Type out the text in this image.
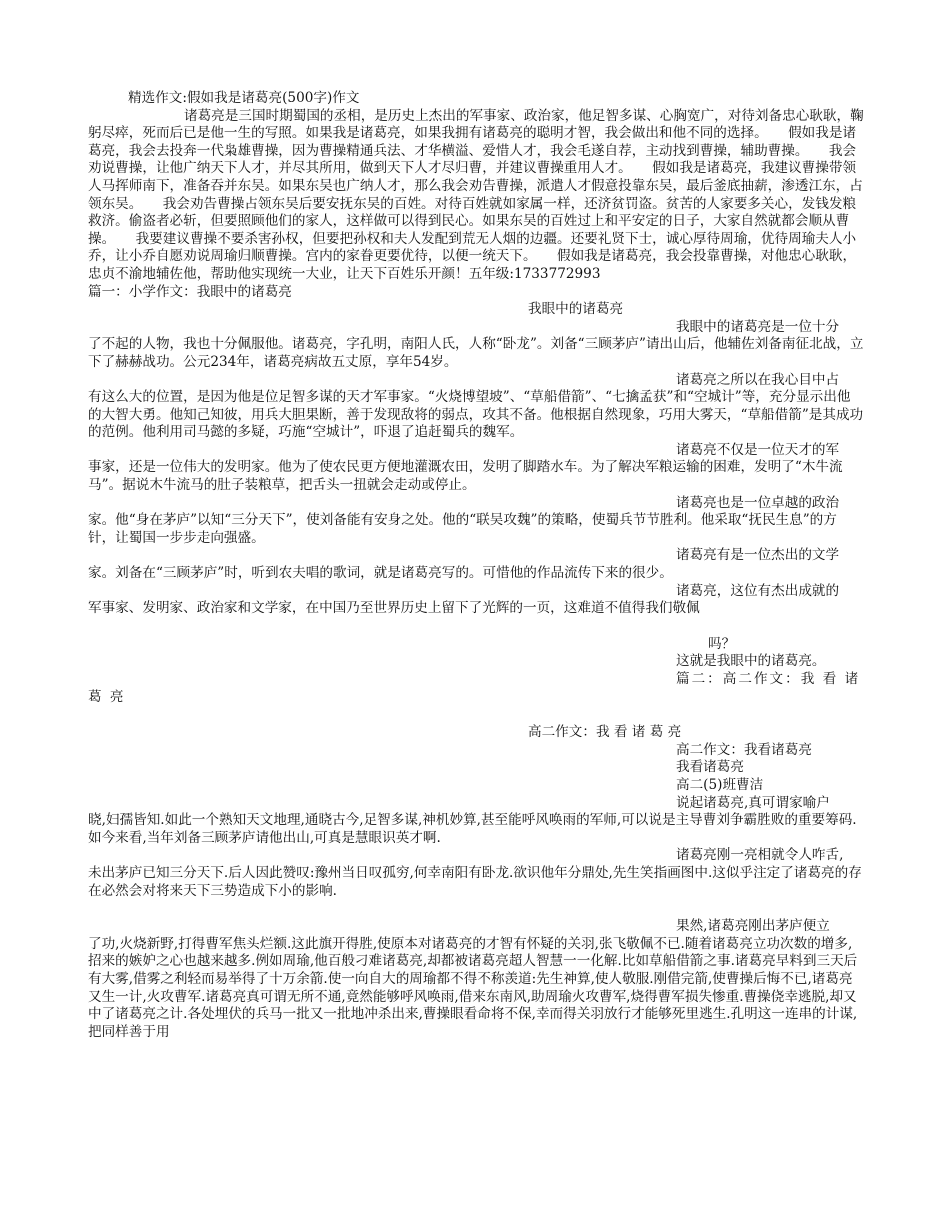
精选作文:假如我是诸葛亮(500字)作文

诸葛亮是三国时期蜀国的丞相，是历史上杰出的军事家、政治家，他足智多谋、心胸宽广，对待刘备忠心耿耿，鞠躬尽瘁，死而后已是他一生的写照。如果我是诸葛亮，如果我拥有诸葛亮的聪明才智，我会做出和他不同的选择。　　假如我是诸葛亮，我会去投奔一代枭雄曹操，因为曹操精通兵法、才华横溢、爱惜人才，我会毛遂自荐，主动找到曹操，辅助曹操。　　我会劝说曹操，让他广纳天下人才，并尽其所用，做到天下人才尽归曹，并建议曹操重用人才。　　假如我是诸葛亮，我建议曹操带领人马挥师南下，准备吞并东吴。如果东吴也广纳人才，那么我会劝告曹操，派遣人才假意投靠东吴，最后釜底抽薪，渗透江东，占领东吴。　　我会劝告曹操占领东吴后要安抚东吴的百姓。对待百姓就如家属一样，还济贫罚盗。贫苦的人家要多关心，发钱发粮救济。偷盗者必斩，但要照顾他们的家人，这样做可以得到民心。如果东吴的百姓过上和平安定的日子，大家自然就都会顺从曹操。　　我要建议曹操不要杀害孙权，但要把孙权和夫人发配到荒无人烟的边疆。还要礼贤下士，诚心厚待周瑜，优待周瑜夫人小乔，让小乔自愿劝说周瑜归顺曹操。宫内的家眷更要优待，以便一统天下。　　假如我是诸葛亮，我会投靠曹操，对他忠心耿耿，忠贞不渝地辅佐他，帮助他实现统一大业，让天下百姓乐开颜！五年级:1733772993

篇一：小学作文：我眼中的诸葛亮

我眼中的诸葛亮

我眼中的诸葛亮是一位十分

了不起的人物，我也十分佩服他。诸葛亮，字孔明，南阳人氏，人称“卧龙”。刘备“三顾茅庐”请出山后，他辅佐刘备南征北战，立下了赫赫战功。公元234年，诸葛亮病故五丈原，享年54岁。

诸葛亮之所以在我心目中占

有这么大的位置，是因为他是位足智多谋的天才军事家。“火烧博望坡”、“草船借箭”、“七擒孟获”和“空城计”等，充分显示出他的大智大勇。他知己知彼，用兵大胆果断，善于发现敌将的弱点，攻其不备。他根据自然现象，巧用大雾天，“草船借箭”是其成功的范例。他利用司马懿的多疑，巧施“空城计”，吓退了追赶蜀兵的魏军。

诸葛亮不仅是一位天才的军

事家，还是一位伟大的发明家。他为了使农民更方便地灌溉农田，发明了脚踏水车。为了解决军粮运输的困难，发明了“木牛流马”。据说木牛流马的肚子装粮草，把舌头一扭就会走动或停止。

诸葛亮也是一位卓越的政治

家。他“身在茅庐”以知“三分天下”，使刘备能有安身之处。他的“联吴攻魏”的策略，使蜀兵节节胜利。他采取“抚民生息”的方针，让蜀国一步步走向强盛。

诸葛亮有是一位杰出的文学

家。刘备在“三顾茅庐”时，听到农夫唱的歌词，就是诸葛亮写的。可惜他的作品流传下来的很少。

诸葛亮，这位有杰出成就的

军事家、发明家、政治家和文学家，在中国乃至世界历史上留下了光辉的一页，这难道不值得我们敬佩

吗？

这就是我眼中的诸葛亮。

篇二：高二作文：我 看 诸

葛 亮

高二作文：我 看 诸 葛 亮

高二作文：我看诸葛亮

我看诸葛亮

高二(5)班曹洁

说起诸葛亮,真可谓家喻户

晓,妇孺皆知.如此一个熟知天文地理,通晓古今,足智多谋,神机妙算,甚至能呼风唤雨的军师,可以说是主导曹刘争霸胜败的重要筹码.如今来看,当年刘备三顾茅庐请他出山,可真是慧眼识英才啊.

诸葛亮刚一亮相就令人咋舌,

未出茅庐已知三分天下.后人因此赞叹:豫州当日叹孤穷,何幸南阳有卧龙.欲识他年分鼎处,先生笑指画图中.这似乎注定了诸葛亮的存在必然会对将来天下三势造成下小的影响.

果然,诸葛亮刚出茅庐便立

了功,火烧新野,打得曹军焦头烂额.这此旗开得胜,使原本对诸葛亮的才智有怀疑的关羽,张飞敬佩不已.随着诸葛亮立功次数的增多,招来的嫉妒之心也越来越多.例如周瑜,他百般刁难诸葛亮,却都被诸葛亮超人智慧一一化解.比如草船借箭之事.诸葛亮早料到三天后有大雾,借雾之利轻而易举得了十万余箭.使一向自大的周瑜都不得不称羡道:先生神算,使人敬服.刚借完箭,使曹操后悔不已,诸葛亮又生一计,火攻曹军.诸葛亮真可谓无所不通,竟然能够呼风唤雨,借来东南风,助周瑜火攻曹军,烧得曹军损失惨重.曹操侥幸逃脱,却又中了诸葛亮之计.各处埋伏的兵马一批又一批地冲杀出来,曹操眼看命将不保,幸而得关羽放行才能够死里逃生.孔明这一连串的计谋,把同样善于用
